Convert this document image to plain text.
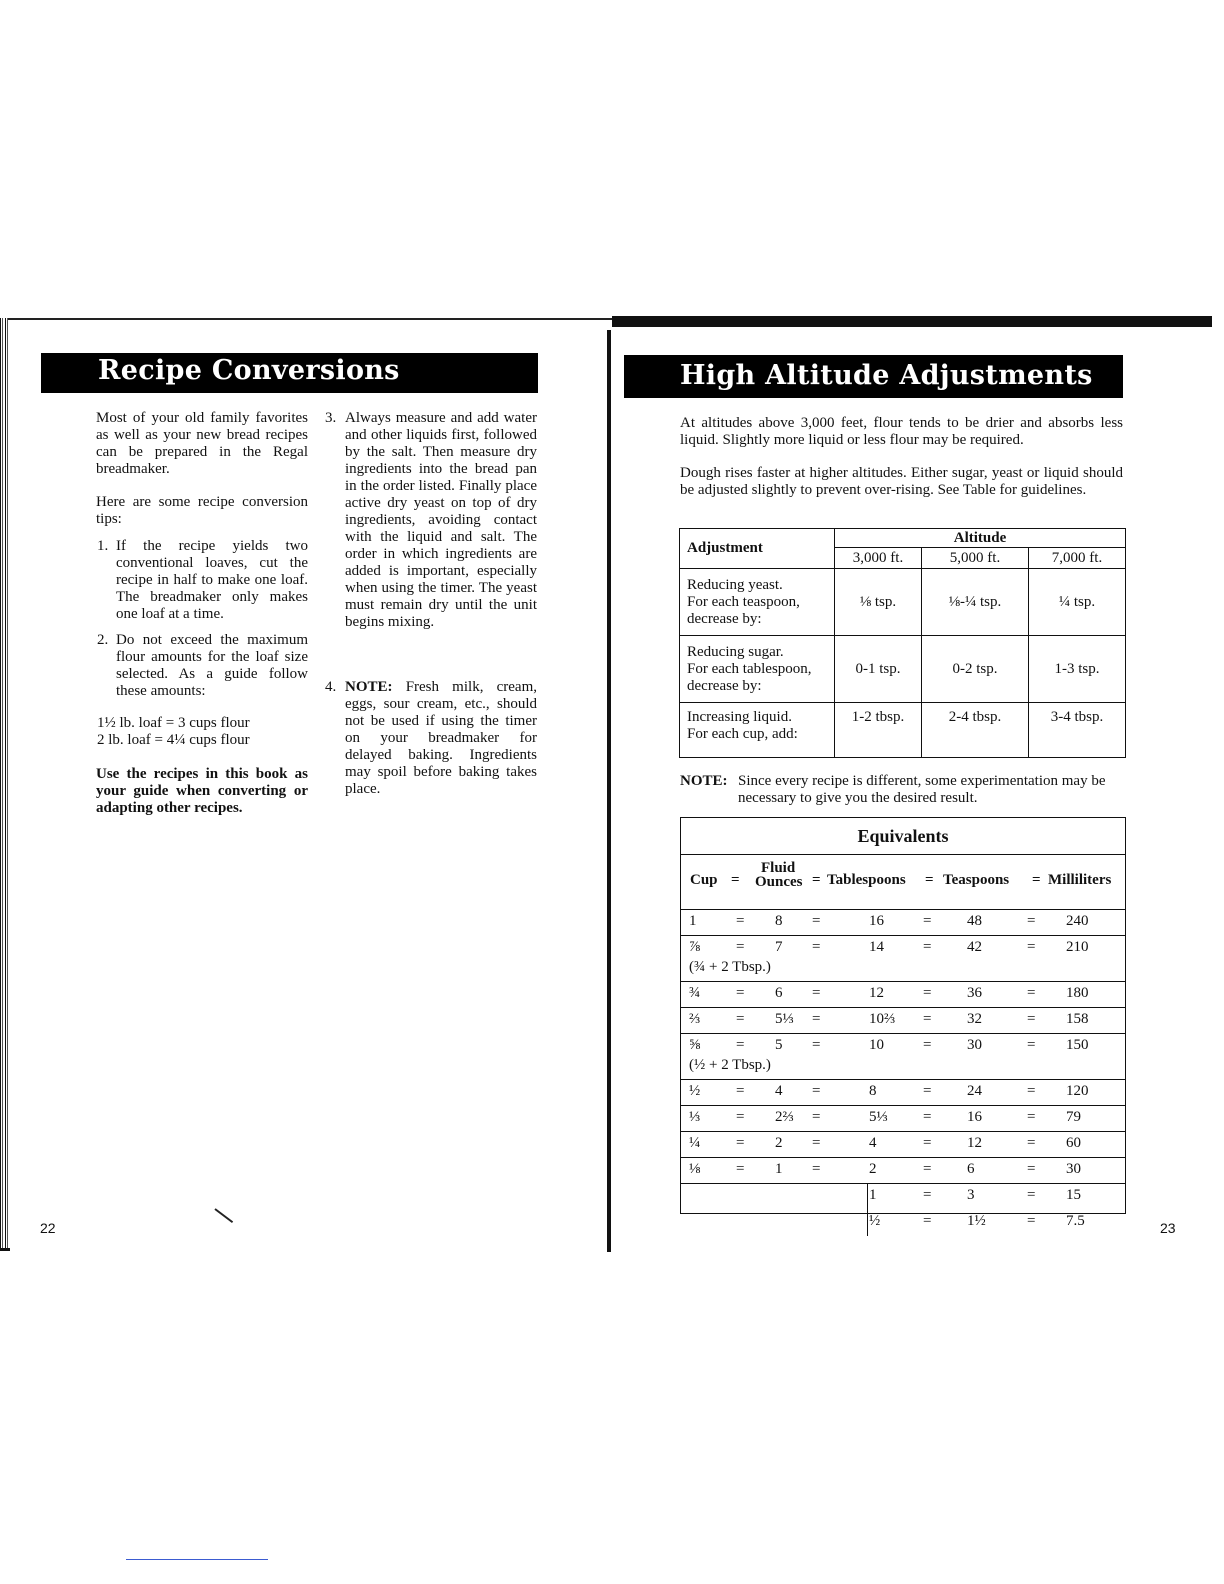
Recipe Conversions
Most of your old family favorites as well as your new bread recipes can be prepared in the Regal breadmaker.
Here are some recipe conversion tips:
1. If the recipe yields two conventional loaves, cut the recipe in half to make one loaf. The breadmaker only makes one loaf at a time.
2. Do not exceed the maximum flour amounts for the loaf size selected. As a guide follow these amounts:
1½ lb. loaf = 3 cups flour
2 lb. loaf = 4¼ cups flour
Use the recipes in this book as your guide when converting or adapting other recipes.
3. Always measure and add water and other liquids first, followed by the salt. Then measure dry ingredients into the bread pan in the order listed. Finally place active dry yeast on top of dry ingredients, avoiding contact with the liquid and salt. The order in which ingredients are added is important, especially when using the timer. The yeast must remain dry until the unit begins mixing.
4. NOTE: Fresh milk, cream, eggs, sour cream, etc., should not be used if using the timer on your breadmaker for delayed baking. Ingredients may spoil before baking takes place.
22
High Altitude Adjustments
At altitudes above 3,000 feet, flour tends to be drier and absorbs less liquid. Slightly more liquid or less flour may be required.
Dough rises faster at higher altitudes. Either sugar, yeast or liquid should be adjusted slightly to prevent over-rising. See Table for guidelines.
Adjustment	Altitude		
	3,000 ft.	5,000 ft.	7,000 ft.
Reducing yeast.
For each teaspoon,
decrease by:	⅛ tsp.	⅛-¼ tsp.	¼ tsp.
Reducing sugar.
For each tablespoon,
decrease by:	0-1 tsp.	0-2 tsp.	1-3 tsp.
Increasing liquid.
For each cup, add:	1-2 tbsp.	2-4 tbsp.	3-4 tbsp.
NOTE: Since every recipe is different, some experimentation may be necessary to give you the desired result.
Equivalents
Cup =
Fluid
Ounces = Tablespoons = Teaspoons = Milliliters
1	= 8 =	16	= 48	= 240
⅞ = 7 =	14	= 42	= 210
(¾ + 2 Tbsp.)
¾ = 6 =	12	= 36	= 180
⅔ = 5⅓ =	10⅔ = 32	= 158
⅝ = 5 =	10	= 30	= 150
(½ + 2 Tbsp.)
½ = 4 =	8	= 24	= 120
⅓ = 2⅔ =	5⅓ = 16	= 79
¼ = 2 =	4	= 12	= 60
⅛ = 1 =	2	= 6	= 30
1	= 3	= 15
½	= 1½	= 7.5	23
